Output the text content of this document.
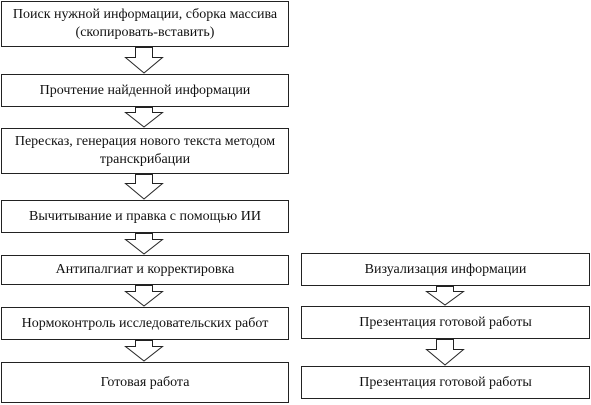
Поиск нужной информации, сборка массива (скопировать-вставить)
Прочтение найденной информации
Пересказ, генерация нового текста методом транскрибации
Вычитывание и правка с помощью ИИ
Антипалгиат и корректировка
Нормоконтроль исследовательских работ
Готовая работа
Визуализация информации
Презентация готовой работы
Презентация готовой работы
